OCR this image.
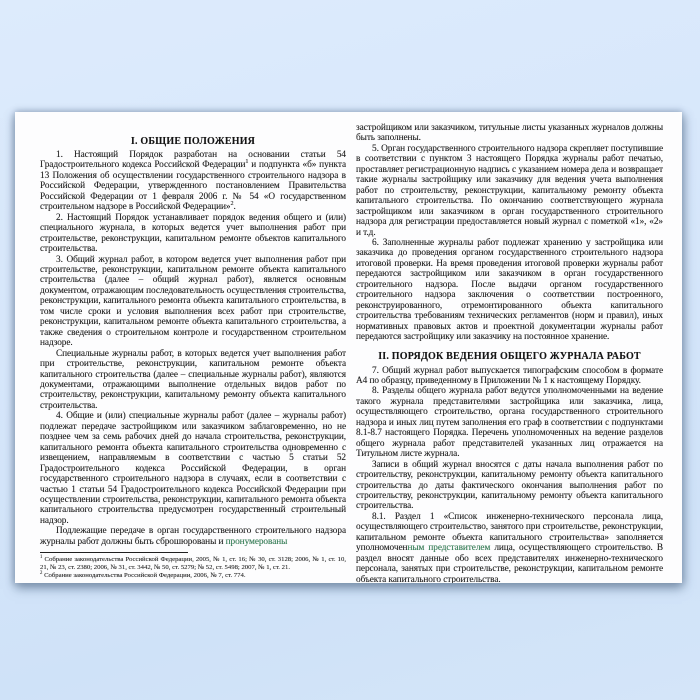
I. ОБЩИЕ ПОЛОЖЕНИЯ

1. Настоящий Порядок разработан на основании статьи 54 Градостроительного кодекса Российской Федерации$^1$ и подпункта «б» пункта 13 Положения об осуществлении государственного строительного надзора в Российской Федерации, утвержденного постановлением Правительства Российской Федерации от 1 февраля 2006 г. № 54 «О государственном строительном надзоре в Российской Федерации»$^2$.

2. Настоящий Порядок устанавливает порядок ведения общего и (или) специального журнала, в которых ведется учет выполнения работ при строительстве, реконструкции, капитальном ремонте объектов капитального строительства.

3. Общий журнал работ, в котором ведется учет выполнения работ при строительстве, реконструкции, капитальном ремонте объекта капитального строительства (далее – общий журнал работ), является основным документом, отражающим последовательность осуществления строительства, реконструкции, капитального ремонта объекта капитального строительства, в том числе сроки и условия выполнения всех работ при строительстве, реконструкции, капитальном ремонте объекта капитального строительства, а также сведения о строительном контроле и государственном строительном надзоре.

Специальные журналы работ, в которых ведется учет выполнения работ при строительстве, реконструкции, капитальном ремонте объекта капитального строительства (далее – специальные журналы работ), являются документами, отражающими выполнение отдельных видов работ по строительству, реконструкции, капитальному ремонту объекта капитального строительства.

4. Общие и (или) специальные журналы работ (далее – журналы работ) подлежат передаче застройщиком или заказчиком заблаговременно, но не позднее чем за семь рабочих дней до начала строительства, реконструкции, капитального ремонта объекта капитального строительства одновременно с извещением, направляемым в соответствии с частью 5 статьи 52 Градостроительного кодекса Российской Федерации, в орган государственного строительного надзора в случаях, если в соответствии с частью 1 статьи 54 Градостроительного кодекса Российской Федерации при осуществлении строительства, реконструкции, капитального ремонта объекта капитального строительства предусмотрен государственный строительный надзор.

Подлежащие передаче в орган государственного строительного надзора журналы работ должны быть сброшюрованы и пронумерованы

$^1$ Собрание законодательства Российской Федерации, 2005, № 1, ст. 16; № 30, ст. 3128; 2006, № 1, ст. 10, 21, № 23, ст. 2380; 2006, № 31, ст. 3442, № 50, ст. 5279; № 52, ст. 5498; 2007, № 1, ст. 21.

$^2$ Собрание законодательства Российской Федерации, 2006, № 7, ст. 774.

застройщиком или заказчиком, титульные листы указанных журналов должны быть заполнены.

5. Орган государственного строительного надзора скрепляет поступившие в соответствии с пунктом 3 настоящего Порядка журналы работ печатью, проставляет регистрационную надпись с указанием номера дела и возвращает такие журналы застройщику или заказчику для ведения учета выполнения работ по строительству, реконструкции, капитальному ремонту объекта капитального строительства. По окончанию соответствующего журнала застройщиком или заказчиком в орган государственного строительного надзора для регистрации предоставляется новый журнал с пометкой «1», «2» и т.д.

6. Заполненные журналы работ подлежат хранению у застройщика или заказчика до проведения органом государственного строительного надзора итоговой проверки. На время проведения итоговой проверки журналы работ передаются застройщиком или заказчиком в орган государственного строительного надзора. После выдачи органом государственного строительного надзора заключения о соответствии построенного, реконструированного, отремонтированного объекта капитального строительства требованиям технических регламентов (норм и правил), иных нормативных правовых актов и проектной документации журналы работ передаются застройщику или заказчику на постоянное хранение.

II. ПОРЯДОК ВЕДЕНИЯ ОБЩЕГО ЖУРНАЛА РАБОТ

7. Общий журнал работ выпускается типографским способом в формате А4 по образцу, приведенному в Приложении № 1 к настоящему Порядку.

8. Разделы общего журнала работ ведутся уполномоченными на ведение такого журнала представителями застройщика или заказчика, лица, осуществляющего строительство, органа государственного строительного надзора и иных лиц путем заполнения его граф в соответствии с подпунктами 8.1-8.7 настоящего Порядка. Перечень уполномоченных на ведение разделов общего журнала работ представителей указанных лиц отражается на Титульном листе журнала.

Записи в общий журнал вносятся с даты начала выполнения работ по строительству, реконструкции, капитальному ремонту объекта капитального строительства до даты фактического окончания выполнения работ по строительству, реконструкции, капитальному ремонту объекта капитального строительства.

8.1. Раздел 1 «Список инженерно-технического персонала лица, осуществляющего строительство, занятого при строительстве, реконструкции, капитальном ремонте объекта капитального строительства» заполняется уполномоченным представителем лица, осуществляющего строительство. В раздел вносят данные обо всех представителях инженерно-технического персонала, занятых при строительстве, реконструкции, капитальном ремонте объекта капитального строительства.
